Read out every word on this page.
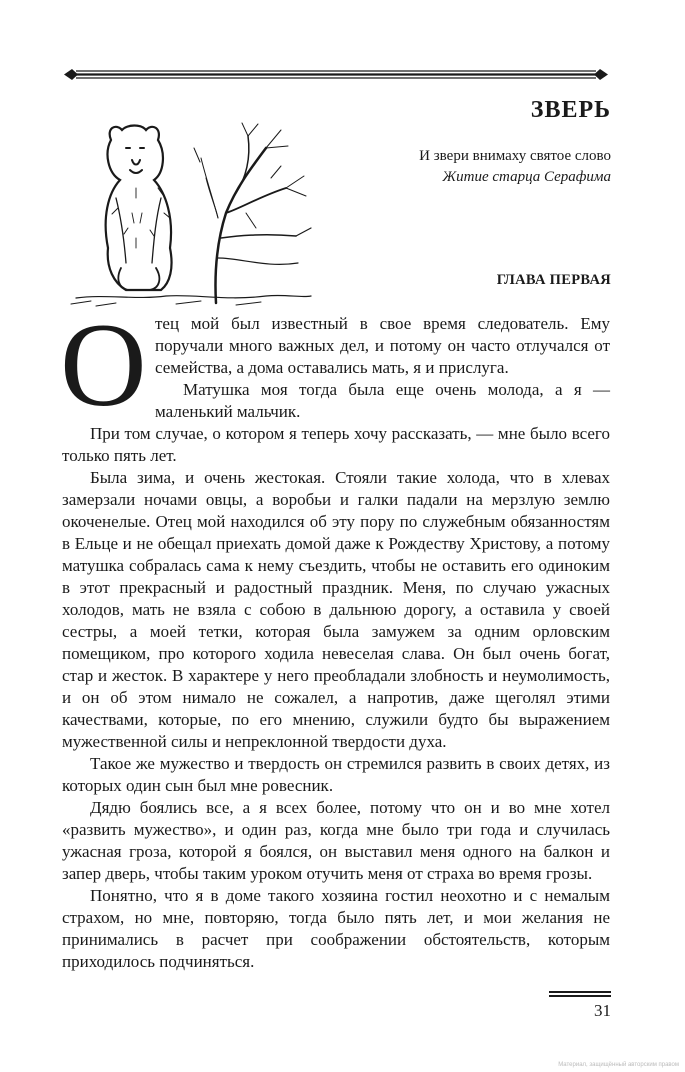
ЗВЕРЬ
И звери внимаху святое слово
Житие старца Серафима
ГЛАВА ПЕРВАЯ
О тец мой был известный в свое время следователь. Ему поручали много важных дел, и потому он часто отлучался от семейства, а дома оставались мать, я и прислуга.

Матушка моя тогда была еще очень молода, а я — маленький мальчик.

При том случае, о котором я теперь хочу рассказать, — мне было всего только пять лет.

Была зима, и очень жестокая. Стояли такие холода, что в хлевах замерзали ночами овцы, а воробьи и галки падали на мерзлую землю окоченелые. Отец мой находился об эту пору по служебным обязанностям в Ельце и не обещал приехать домой даже к Рождеству Христову, а потому матушка собралась сама к нему съездить, чтобы не оставить его одиноким в этот прекрасный и радостный праздник. Меня, по случаю ужасных холодов, мать не взяла с собою в дальнюю дорогу, а оставила у своей сестры, а моей тетки, которая была замужем за одним орловским помещиком, про которого ходила невеселая слава. Он был очень богат, стар и жесток. В характере у него преобладали злобность и неумолимость, и он об этом нимало не сожалел, а напротив, даже щеголял этими качествами, которые, по его мнению, служили будто бы выражением мужественной силы и непреклонной твердости духа.

Такое же мужество и твердость он стремился развить в своих детях, из которых один сын был мне ровесник.

Дядю боялись все, а я всех более, потому что он и во мне хотел «развить мужество», и один раз, когда мне было три года и случилась ужасная гроза, которой я боялся, он выставил меня одного на балкон и запер дверь, чтобы таким уроком отучить меня от страха во время грозы.

Понятно, что я в доме такого хозяина гостил неохотно и с немалым страхом, но мне, повторяю, тогда было пять лет, и мои желания не принимались в расчет при соображении обстоятельств, которым приходилось подчиняться.

31
Материал, защищённый авторским правом
